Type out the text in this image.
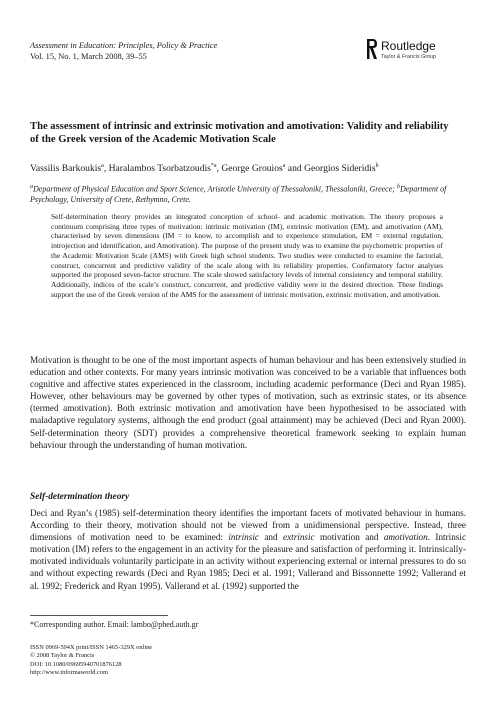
Assessment in Education: Principles, Policy & Practice
Vol. 15, No. 1, March 2008, 39–55
Routledge
Taylor & Francis Group
The assessment of intrinsic and extrinsic motivation and amotivation: Validity and reliability of the Greek version of the Academic Motivation Scale
Vassilis Barkoukis$^a$, Haralambos Tsorbatzoudis$^{*a}$, George Grouios$^a$ and Georgios Sideridis$^b$
$^a$Department of Physical Education and Sport Science, Aristotle University of Thessaloniki, Thessaloniki, Greece; $^b$Department of Psychology, University of Crete, Rethymno, Crete.
Self-determination theory provides an integrated conception of school- and academic motivation. The theory proposes a continuum comprising three types of motivation: intrinsic motivation (IM), extrinsic motivation (EM), and amotivation (AM), characterised by seven dimensions (IM = to know, to accomplish and to experience stimulation, EM = external regulation, introjection and identification, and Amotivation). The purpose of the present study was to examine the psychometric properties of the Academic Motivation Scale (AMS) with Greek high school students. Two studies were conducted to examine the factorial, construct, concurrent and predictive validity of the scale along with its reliability properties. Confirmatory factor analyses supported the proposed seven-factor structure. The scale showed satisfactory levels of internal consistency and temporal stability. Additionally, indices of the scale’s construct, concurrent, and predictive validity were in the desired direction. These findings support the use of the Greek version of the AMS for the assessment of intrinsic motivation, extrinsic motivation, and amotivation.
Motivation is thought to be one of the most important aspects of human behaviour and has been extensively studied in education and other contexts. For many years intrinsic motivation was conceived to be a variable that influences both cognitive and affective states experienced in the classroom, including academic performance (Deci and Ryan 1985). However, other behaviours may be governed by other types of motivation, such as extrinsic states, or its absence (termed amotivation). Both extrinsic motivation and amotivation have been hypothesised to be associated with maladaptive regulatory systems, although the end product (goal attainment) may be achieved (Deci and Ryan 2000). Self-determination theory (SDT) provides a comprehensive theoretical framework seeking to explain human behaviour through the understanding of human motivation.
Self-determination theory
Deci and Ryan’s (1985) self-determination theory identifies the important facets of motivated behaviour in humans. According to their theory, motivation should not be viewed from a unidimensional perspective. Instead, three dimensions of motivation need to be examined: intrinsic and extrinsic motivation and amotivation. Intrinsic motivation (IM) refers to the engagement in an activity for the pleasure and satisfaction of performing it. Intrinsically-motivated individuals voluntarily participate in an activity without experiencing external or internal pressures to do so and without expecting rewards (Deci and Ryan 1985; Deci et al. 1991; Vallerand and Bissonnette 1992; Vallerand et al. 1992; Frederick and Ryan 1995). Vallerand et al. (1992) supported the
*Corresponding author. Email: lambo@phed.auth.gr
ISSN 0969-594X print/ISSN 1465-329X online
© 2008 Taylor & Francis
DOI: 10.1080/09695940701876128
http://www.informaworld.com
